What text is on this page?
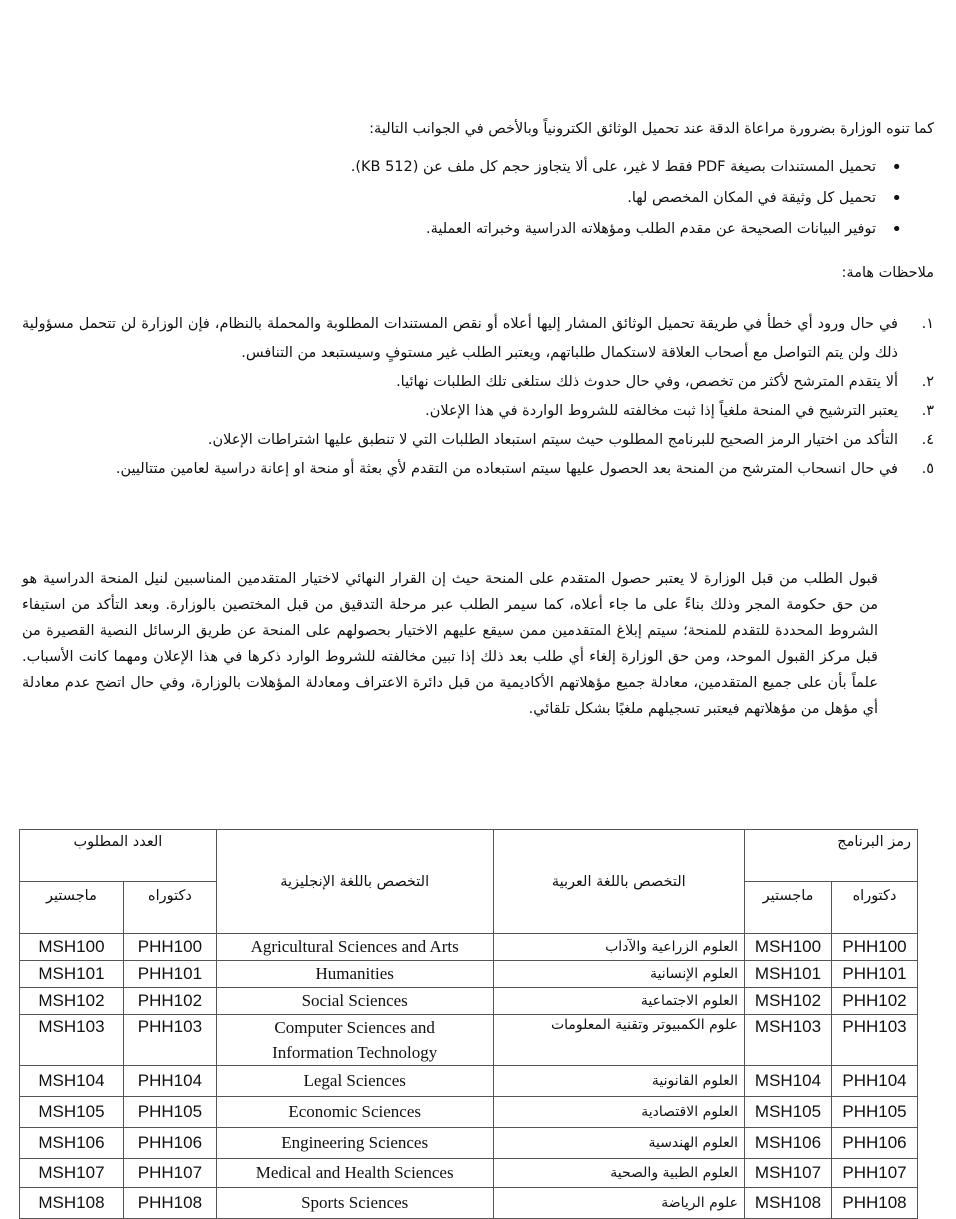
كما تنوه الوزارة بضرورة مراعاة الدقة عند تحميل الوثائق الكترونياً وبالأخص في الجوانب التالية:
• تحميل المستندات بصيغة PDF فقط لا غير، على ألا يتجاوز حجم كل ملف عن (512 KB).
• تحميل كل وثيقة في المكان المخصص لها.
• توفير البيانات الصحيحة عن مقدم الطلب ومؤهلاته الدراسية وخبراته العملية.
ملاحظات هامة:
١.
في حال ورود أي خطأ في طريقة تحميل الوثائق المشار إليها أعلاه أو نقص المستندات المطلوبة والمحملة بالنظام، فإن الوزارة لن تتحمل مسؤولية ذلك ولن يتم التواصل مع أصحاب العلاقة لاستكمال طلباتهم، ويعتبر الطلب غير مستوفٍ وسيستبعد من التنافس.
٢.
ألا يتقدم المترشح لأكثر من تخصص، وفي حال حدوث ذلك ستلغى تلك الطلبات نهائيا.
٣.
يعتبر الترشيح في المنحة ملغياً إذا ثبت مخالفته للشروط الواردة في هذا الإعلان.
٤.
التأكد من اختيار الرمز الصحيح للبرنامج المطلوب حيث سيتم استبعاد الطلبات التي لا تنطبق عليها اشتراطات الإعلان.
٥.
في حال انسحاب المترشح من المنحة بعد الحصول عليها سيتم استبعاده من التقدم لأي بعثة أو منحة او إعانة دراسية لعامين متتاليين.
قبول الطلب من قبل الوزارة لا يعتبر حصول المتقدم على المنحة حيث إن القرار النهائي لاختيار المتقدمين المناسبين لنيل المنحة الدراسية هو من حق حكومة المجر وذلك بناءً على ما جاء أعلاه، كما سيمر الطلب عبر مرحلة التدقيق من قبل المختصين بالوزارة. وبعد التأكد من استيفاء الشروط المحددة للتقدم للمنحة؛ سيتم إبلاغ المتقدمين ممن سيقع عليهم الاختيار بحصولهم على المنحة عن طريق الرسائل النصية القصيرة من قبل مركز القبول الموحد، ومن حق الوزارة إلغاء أي طلب بعد ذلك إذا تبين مخالفته للشروط الوارد ذكرها في هذا الإعلان ومهما كانت الأسباب. علماً بأن على جميع المتقدمين، معادلة جميع مؤهلاتهم الأكاديمية من قبل دائرة الاعتراف ومعادلة المؤهلات بالوزارة، وفي حال اتضح عدم معادلة أي مؤهل من مؤهلاتهم فيعتبر تسجيلهم ملغيًا بشكل تلقائي.
العدد المطلوب		التخصص باللغة الإنجليزية	التخصص باللغة العربية	رمز البرنامج	
ماجستير	دكتوراه			ماجستير	دكتوراه
MSH100	PHH100	Agricultural Sciences and Arts	العلوم الزراعية والآداب	MSH100	PHH100
MSH101	PHH101	Humanities	العلوم الإنسانية	MSH101	PHH101
MSH102	PHH102	Social Sciences	العلوم الاجتماعية	MSH102	PHH102
MSH103	PHH103	Computer Sciences and Information Technology	علوم الكمبيوتر وتقنية المعلومات	MSH103	PHH103
MSH104	PHH104	Legal Sciences	العلوم القانونية	MSH104	PHH104
MSH105	PHH105	Economic Sciences	العلوم الاقتصادية	MSH105	PHH105
MSH106	PHH106	Engineering Sciences	العلوم الهندسية	MSH106	PHH106
MSH107	PHH107	Medical and Health Sciences	العلوم الطبية والصحية	MSH107	PHH107
MSH108	PHH108	Sports Sciences	علوم الرياضة	MSH108	PHH108
